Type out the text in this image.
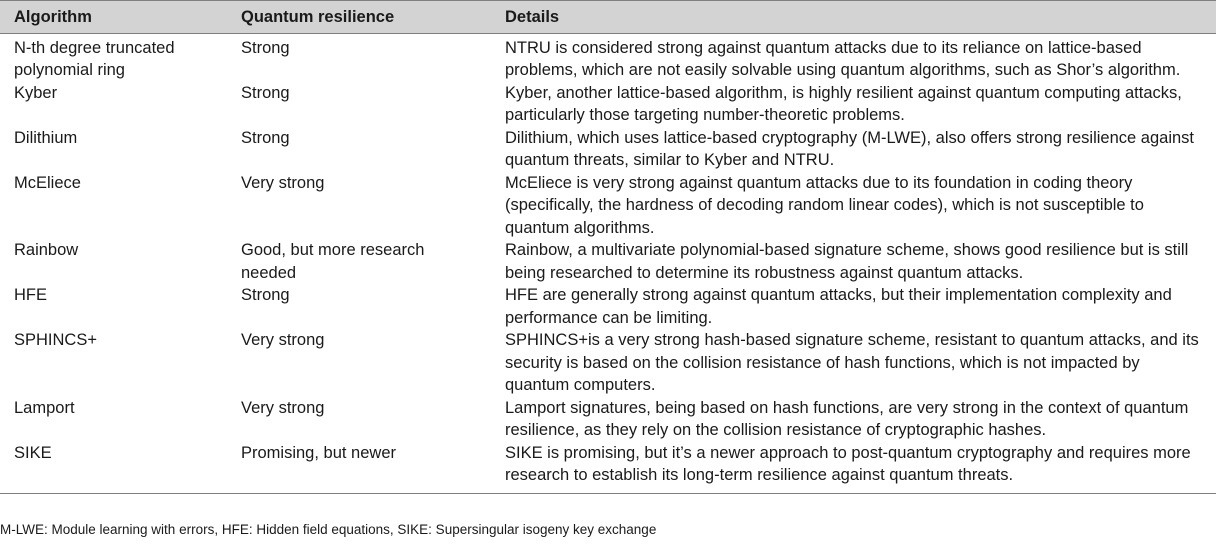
Algorithm	Quantum resilience	Details
N-th degree truncated polynomial ring	Strong	NTRU is considered strong against quantum attacks due to its reliance on lattice-based problems, which are not easily solvable using quantum algorithms, such as Shor’s algorithm.
Kyber	Strong	Kyber, another lattice-based algorithm, is highly resilient against quantum computing attacks, particularly those targeting number-theoretic problems.
Dilithium	Strong	Dilithium, which uses lattice-based cryptography (M-LWE), also offers strong resilience against quantum threats, similar to Kyber and NTRU.
McEliece	Very strong	McEliece is very strong against quantum attacks due to its foundation in coding theory (specifically, the hardness of decoding random linear codes), which is not susceptible to quantum algorithms.
Rainbow	Good, but more research needed	Rainbow, a multivariate polynomial-based signature scheme, shows good resilience but is still being researched to determine its robustness against quantum attacks.
HFE	Strong	HFE are generally strong against quantum attacks, but their implementation complexity and performance can be limiting.
SPHINCS+	Very strong	SPHINCS+is a very strong hash-based signature scheme, resistant to quantum attacks, and its security is based on the collision resistance of hash functions, which is not impacted by quantum computers.
Lamport	Very strong	Lamport signatures, being based on hash functions, are very strong in the context of quantum resilience, as they rely on the collision resistance of cryptographic hashes.
SIKE	Promising, but newer	SIKE is promising, but it’s a newer approach to post-quantum cryptography and requires more research to establish its long-term resilience against quantum threats.
M-LWE: Module learning with errors, HFE: Hidden field equations, SIKE: Supersingular isogeny key exchange
